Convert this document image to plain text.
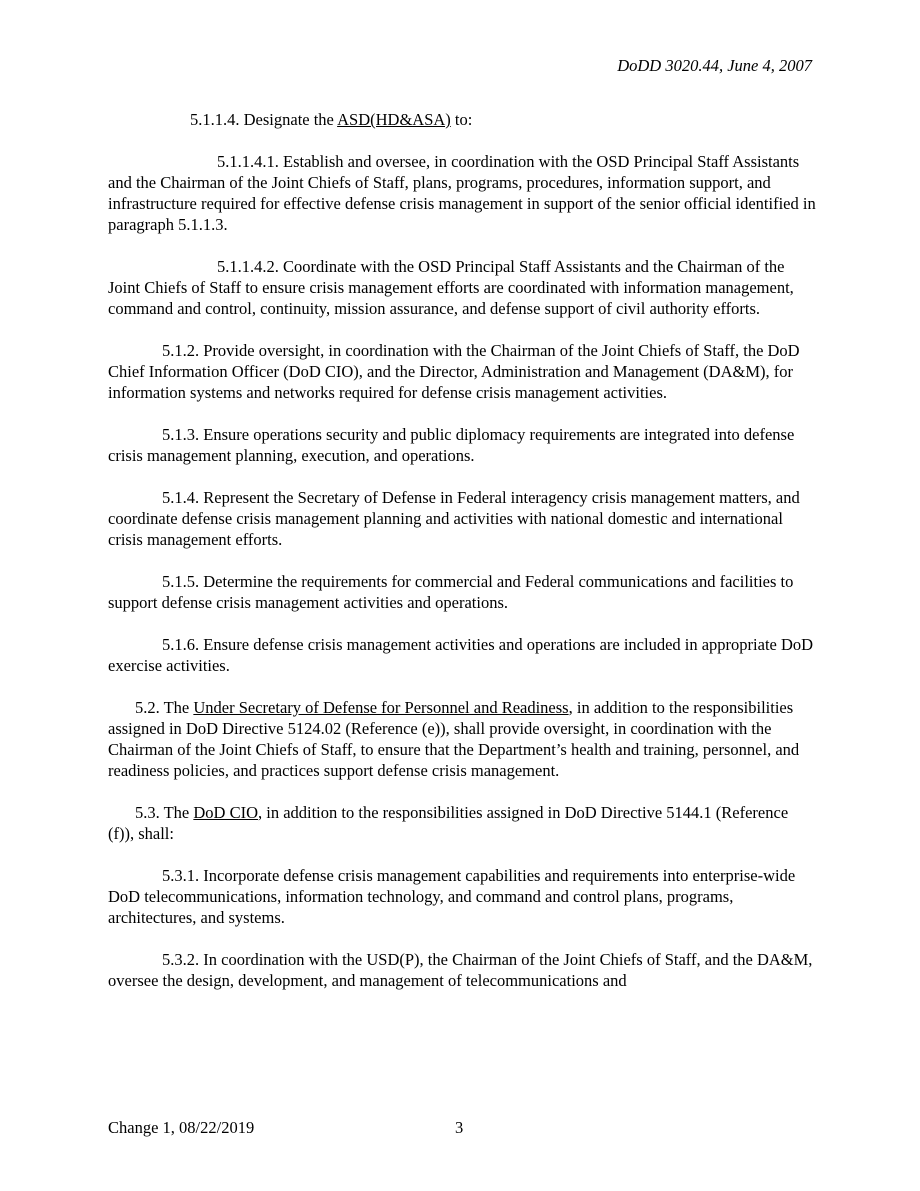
DoDD 3020.44, June 4, 2007

5.1.1.4. Designate the ASD(HD&ASA) to:

5.1.1.4.1. Establish and oversee, in coordination with the OSD Principal Staff Assistants and the Chairman of the Joint Chiefs of Staff, plans, programs, procedures, information support, and infrastructure required for effective defense crisis management in support of the senior official identified in paragraph 5.1.1.3.

5.1.1.4.2. Coordinate with the OSD Principal Staff Assistants and the Chairman of the Joint Chiefs of Staff to ensure crisis management efforts are coordinated with information management, command and control, continuity, mission assurance, and defense support of civil authority efforts.

5.1.2. Provide oversight, in coordination with the Chairman of the Joint Chiefs of Staff, the DoD Chief Information Officer (DoD CIO), and the Director, Administration and Management (DA&M), for information systems and networks required for defense crisis management activities.

5.1.3. Ensure operations security and public diplomacy requirements are integrated into defense crisis management planning, execution, and operations.

5.1.4. Represent the Secretary of Defense in Federal interagency crisis management matters, and coordinate defense crisis management planning and activities with national domestic and international crisis management efforts.

5.1.5. Determine the requirements for commercial and Federal communications and facilities to support defense crisis management activities and operations.

5.1.6. Ensure defense crisis management activities and operations are included in appropriate DoD exercise activities.

5.2. The Under Secretary of Defense for Personnel and Readiness, in addition to the responsibilities assigned in DoD Directive 5124.02 (Reference (e)), shall provide oversight, in coordination with the Chairman of the Joint Chiefs of Staff, to ensure that the Department’s health and training, personnel, and readiness policies, and practices support defense crisis management.

5.3. The DoD CIO, in addition to the responsibilities assigned in DoD Directive 5144.1 (Reference (f)), shall:

5.3.1. Incorporate defense crisis management capabilities and requirements into enterprise-wide DoD telecommunications, information technology, and command and control plans, programs, architectures, and systems.

5.3.2. In coordination with the USD(P), the Chairman of the Joint Chiefs of Staff, and the DA&M, oversee the design, development, and management of telecommunications and

Change 1, 08/22/2019	3
